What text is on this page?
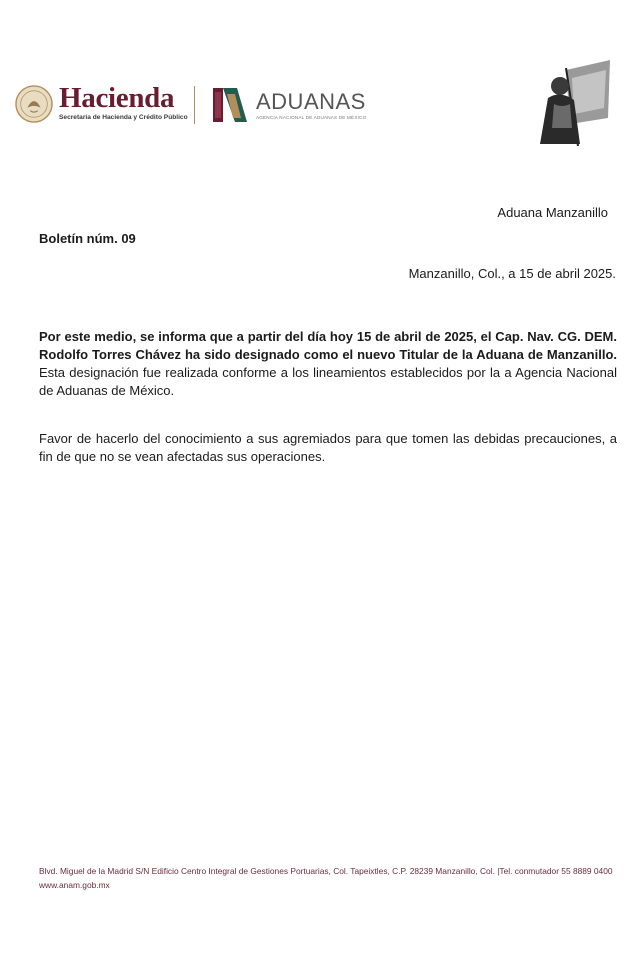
Hacienda
Secretaría de Hacienda y Crédito Público
ADUANAS
AGENCIA NACIONAL DE ADUANAS DE MÉXICO
Aduana Manzanillo
Boletín núm. 09
Manzanillo, Col., a 15 de abril 2025.
Por este medio, se informa que a partir del día hoy 15 de abril de 2025, el Cap. Nav. CG. DEM. Rodolfo Torres Chávez ha sido designado como el nuevo Titular de la Aduana de Manzanillo. Esta designación fue realizada conforme a los lineamientos establecidos por la a Agencia Nacional de Aduanas de México.
Favor de hacerlo del conocimiento a sus agremiados para que tomen las debidas precauciones, a fin de que no se vean afectadas sus operaciones.
Blvd. Miguel de la Madrid S/N Edificio Centro Integral de Gestiones Portuarias, Col. Tapeixtles, C.P. 28239 Manzanillo, Col. |Tel. conmutador 55 8889 0400 www.anam.gob.mx
